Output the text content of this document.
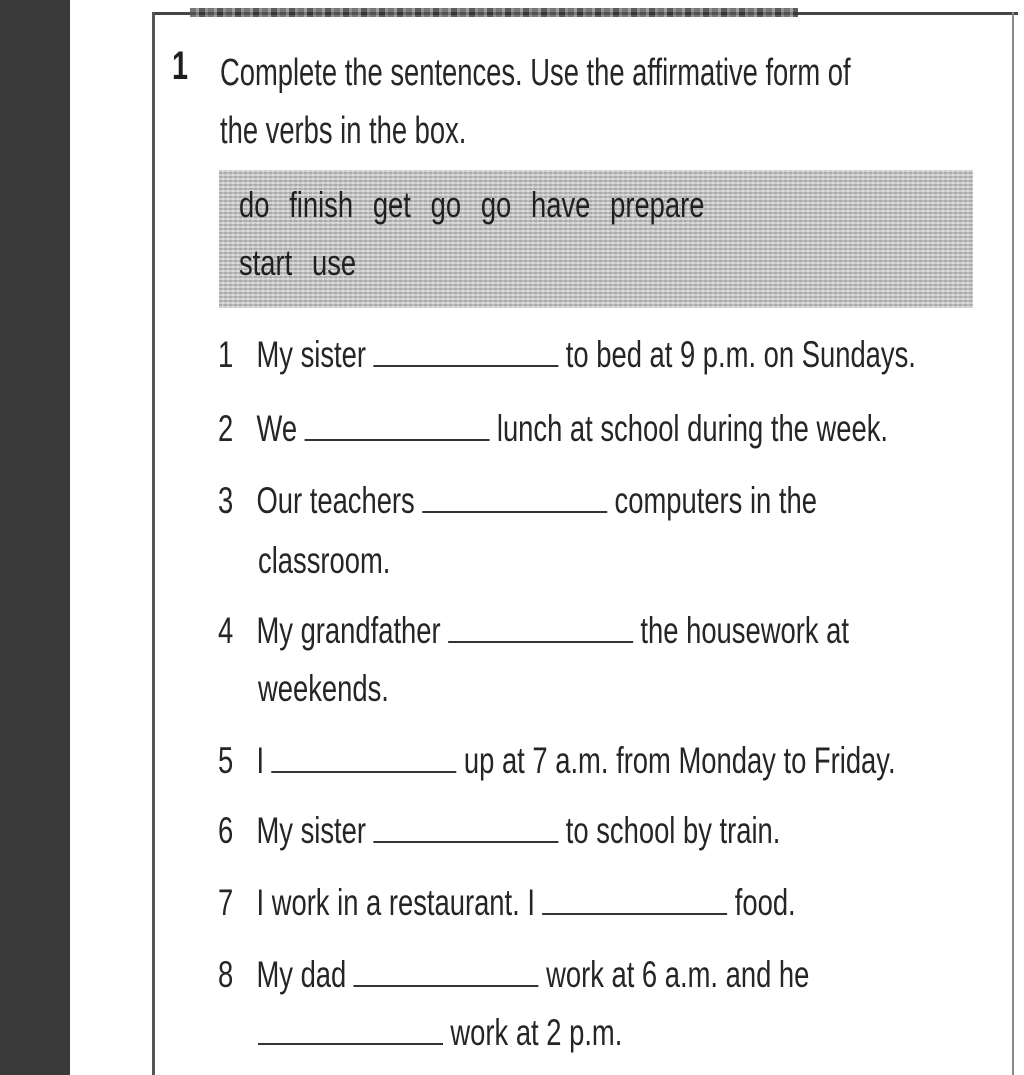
1 Complete the sentences. Use the affirmative form of
the verbs in the box.
do finish get go go have prepare
start use
1 My sister	to bed at 9 p.m. on Sundays.
2 We	lunch at school during the week.
3 Our teachers	computers in the
classroom.
4 My grandfather	the housework at
weekends.
5 I	up at 7 a.m. from Monday to Friday.
6 My sister	to school by train.
7 I work in a restaurant. I	food.
8 My dad	work at 6 a.m. and he
work at 2 p.m.
